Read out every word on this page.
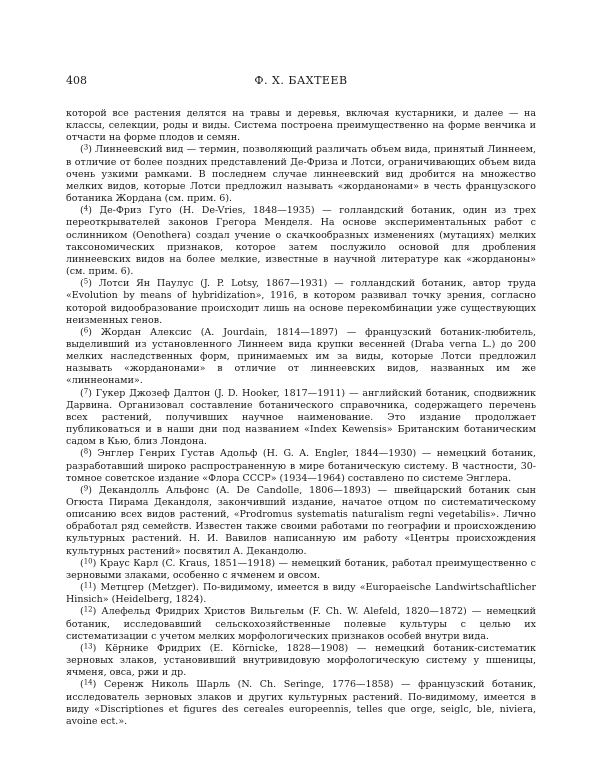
408	Ф. Х. БАХТЕЕВ

которой все растения делятся на травы и деревья, включая кустарники, и далее — на классы, селекции, роды и виды. Система построена преимущественно на форме венчика и отчасти на форме плодов и семян.

($^3$) Линнеевский вид — термин, позволяющий различать объем вида, принятый Линнеем, в отличие от более поздних представлений Де-Фриза и Лотси, ограничивающих объем вида очень узкими рамками. В последнем случае линнеевский вид дробится на множество мелких видов, которые Лотси предложил называть «жорданонами» в честь французского ботаника Жордана (см. прим. 6).

($^4$) Де-Фриз Гуго (H. De-Vries, 1848—1935) — голландский ботаник, один из трех переоткрывателей законов Грегора Менделя. На основе экспериментальных работ с ослинником (Oenothera) создал учение о скачкообразных изменениях (мутациях) мелких таксономических признаков, которое затем послужило основой для дробления линнеевских видов на более мелкие, известные в научной литературе как «жорданоны» (см. прим. 6).

($^5$) Лотси Ян Паулус (J. P. Lotsy, 1867—1931) — голландский ботаник, автор труда «Evolution by means of hybridization», 1916, в котором развивал точку зрения, согласно которой видообразование происходит лишь на основе перекомбинации уже существующих неизменных генов.

($^6$) Жордан Алексис (A. Jourdain, 1814—1897) — французский ботаник-любитель, выделивший из установленного Линнеем вида крупки весенней (Draba verna L.) до 200 мелких наследственных форм, принимаемых им за виды, которые Лотси предложил называть «жорданонами» в отличие от линнеевских видов, названных им же «линнеонами».

($^7$) Гукер Джозеф Далтон (J. D. Hooker, 1817—1911) — английский ботаник, сподвижник Дарвина. Организовал составление ботанического справочника, содержащего перечень всех растений, получивших научное наименование. Это издание продолжает публиковаться и в наши дни под названием «Index Kewensis» Британским ботаническим садом в Кью, близ Лондона.

($^8$) Энглер Генрих Густав Адольф (H. G. A. Engler, 1844—1930) — немецкий ботаник, разработавший широко распространенную в мире ботаническую систему. В частности, 30-томное советское издание «Флора СССР» (1934—1964) составлено по системе Энглера.

($^9$) Декандолль Альфонс (A. De Candolle, 1806—1893) — швейцарский ботаник сын Огюста Пирама Декандоля, закончивший издание, начатое отцом по систематическому описанию всех видов растений, «Prodromus systematis naturalism regni vegetabilis». Лично обработал ряд семейств. Известен также своими работами по географии и происхождению культурных растений. Н. И. Вавилов написанную им работу «Центры происхождения культурных растений» посвятил А. Декандолю.

($^{10}$) Краус Карл (C. Kraus, 1851—1918) — немецкий ботаник, работал преимущественно с зерновыми злаками, особенно с ячменем и овсом.

($^{11}$) Метцгер (Metzger). По-видимому, имеется в виду «Europaeische Landwirtschaftlicher Hinsich» (Heidelberg, 1824).

($^{12}$) Алефельд Фридрих Христов Вильгельм (F. Ch. W. Alefeld, 1820—1872) — немецкий ботаник, исследовавший сельскохозяйственные полевые культуры с целью их систематизации с учетом мелких морфологических признаков особей внутри вида.

($^{13}$) Кёрнике Фридрих (E. Körnicke, 1828—1908) — немецкий ботаник-систематик зерновых злаков, установивший внутривидовую морфологическую систему у пшеницы, ячменя, овса, ржи и др.

($^{14}$) Серенж Николь Шарль (N. Ch. Seringe, 1776—1858) — французский ботаник, исследователь зерновых злаков и других культурных растений. По-видимому, имеется в виду «Discriptiones et figures des cereales europeennis, telles que orge, seiglc, ble, niviera, avoine ect.».
